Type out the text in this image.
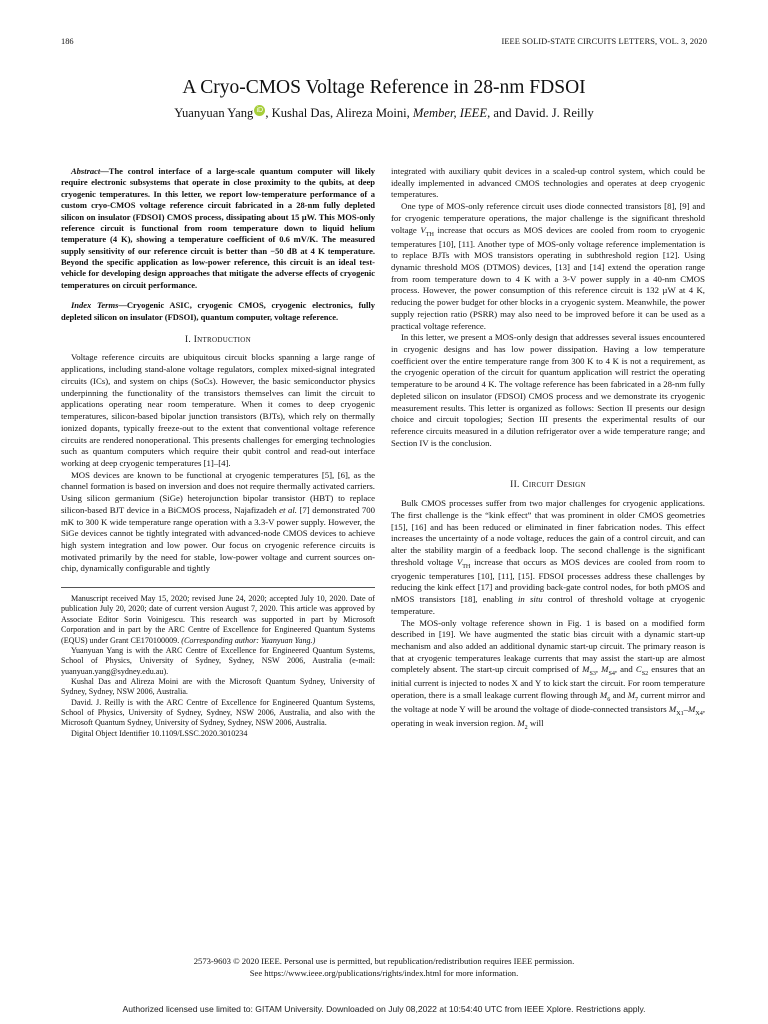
186	IEEE SOLID-STATE CIRCUITS LETTERS, VOL. 3, 2020
A Cryo-CMOS Voltage Reference in 28-nm FDSOI
Yuanyuan Yang iD , Kushal Das, Alireza Moini, Member, IEEE, and David. J. Reilly

Abstract—The control interface of a large-scale quantum computer will likely require electronic subsystems that operate in close proximity to the qubits, at deep cryogenic temperatures. In this letter, we report low-temperature performance of a custom cryo-CMOS voltage reference circuit fabricated in a 28-nm fully depleted silicon on insulator (FDSOI) CMOS process, dissipating about 15 µW. This MOS-only reference circuit is functional from room temperature down to liquid helium temperature (4 K), showing a temperature coefficient of 0.6 mV/K. The measured supply sensitivity of our reference circuit is better than −50 dB at 4 K temperature. Beyond the specific application as low-power reference, this circuit is an ideal test-vehicle for developing design approaches that mitigate the adverse effects of cryogenic temperatures on circuit performance.

Index Terms—Cryogenic ASIC, cryogenic CMOS, cryogenic electronics, fully depleted silicon on insulator (FDSOI), quantum computer, voltage reference.

I. Introduction

Voltage reference circuits are ubiquitous circuit blocks spanning a large range of applications, including stand-alone voltage regulators, complex mixed-signal integrated circuits (ICs), and system on chips (SoCs). However, the basic semiconductor physics underpinning the functionality of the transistors themselves can limit the circuit to applications operating near room temperature. When it comes to deep cryogenic temperatures, silicon-based bipolar junction transistors (BJTs), which rely on thermally ionized dopants, typically freeze-out to the extent that conventional voltage reference circuits are rendered nonoperational. This presents challenges for emerging technologies such as quantum computers which require their qubit control and read-out interface working at deep cryogenic temperatures [1]–[4].

MOS devices are known to be functional at cryogenic temperatures [5], [6], as the channel formation is based on inversion and does not require thermally activated carriers. Using silicon germanium (SiGe) heterojunction bipolar transistor (HBT) to replace silicon-based BJT device in a BiCMOS process, Najafizadeh et al. [7] demonstrated 700 mK to 300 K wide temperature range operation with a 3.3-V power supply. However, the SiGe devices cannot be tightly integrated with advanced-node CMOS devices to achieve high system integration and low power. Our focus on cryogenic reference circuits is motivated primarily by the need for stable, low-power voltage and current sources on-chip, dynamically configurable and tightly

Manuscript received May 15, 2020; revised June 24, 2020; accepted July 10, 2020. Date of publication July 20, 2020; date of current version August 7, 2020. This article was approved by Associate Editor Sorin Voinigescu. This research was supported in part by Microsoft Corporation and in part by the ARC Centre of Excellence for Engineered Quantum Systems (EQUS) under Grant CE170100009. (Corresponding author: Yuanyuan Yang.)

Yuanyuan Yang is with the ARC Centre of Excellence for Engineered Quantum Systems, School of Physics, University of Sydney, Sydney, NSW 2006, Australia (e-mail: yuanyuan.yang@sydney.edu.au).

Kushal Das and Alireza Moini are with the Microsoft Quantum Sydney, University of Sydney, Sydney, NSW 2006, Australia.

David. J. Reilly is with the ARC Centre of Excellence for Engineered Quantum Systems, School of Physics, University of Sydney, Sydney, NSW 2006, Australia, and also with the Microsoft Quantum Sydney, University of Sydney, Sydney, NSW 2006, Australia.

Digital Object Identifier 10.1109/LSSC.2020.3010234

integrated with auxiliary qubit devices in a scaled-up control system, which could be ideally implemented in advanced CMOS technologies and operates at deep cryogenic temperatures.

One type of MOS-only reference circuit uses diode connected transistors [8], [9] and for cryogenic temperature operations, the major challenge is the significant threshold voltage $V_{TH}$ increase that occurs as MOS devices are cooled from room to cryogenic temperatures [10], [11]. Another type of MOS-only voltage reference implementation is to replace BJTs with MOS transistors operating in subthreshold region [12]. Using dynamic threshold MOS (DTMOS) devices, [13] and [14] extend the operation range from room temperature down to 4 K with a 3-V power supply in a 40-nm CMOS process. However, the power consumption of this reference circuit is 132 µW at 4 K, reducing the power budget for other blocks in a cryogenic system. Meanwhile, the power supply rejection ratio (PSRR) may also need to be improved before it can be used as a practical voltage reference.

In this letter, we present a MOS-only design that addresses several issues encountered in cryogenic designs and has low power dissipation. Having a low temperature coefficient over the entire temperature range from 300 K to 4 K is not a requirement, as the cryogenic operation of the circuit for quantum application will restrict the operating temperature to be around 4 K. The voltage reference has been fabricated in a 28-nm fully depleted silicon on insulator (FDSOI) CMOS process and we demonstrate its cryogenic measurement results. This letter is organized as follows: Section II presents our design choice and circuit topologies; Section III presents the experimental results of our reference circuits measured in a dilution refrigerator over a wide temperature range; and Section IV is the conclusion.

II. Circuit Design

Bulk CMOS processes suffer from two major challenges for cryogenic applications. The first challenge is the “kink effect” that was prominent in older CMOS geometries [15], [16] and has been reduced or eliminated in finer fabrication nodes. This effect increases the uncertainty of a node voltage, reduces the gain of a control circuit, and can alter the stability margin of a feedback loop. The second challenge is the significant threshold voltage $V_{TH}$ increase that occurs as MOS devices are cooled from room to cryogenic temperatures [10], [11], [15]. FDSOI processes address these challenges by reducing the kink effect [17] and providing back-gate control nodes, for both pMOS and nMOS transistors [18], enabling in situ control of threshold voltage at cryogenic temperature.

The MOS-only voltage reference shown in Fig. 1 is based on a modified form described in [19]. We have augmented the static bias circuit with a dynamic start-up mechanism and also added an additional dynamic start-up circuit. The primary reason is that at cryogenic temperatures leakage currents that may assist the start-up are almost completely absent. The start-up circuit comprised of $M_{S3}$, $M_{S4}$, and $C_{S2}$ ensures that an initial current is injected to nodes X and Y to kick start the circuit. For room temperature operation, there is a small leakage current flowing through $M_6$ and $M_7$ current mirror and the voltage at node Y will be around the voltage of diode-connected transistors $M_{X1}-M_{X4}$, operating in weak inversion region. $M_2$ will

2573-9603 © 2020 IEEE. Personal use is permitted, but republication/redistribution requires IEEE permission.
See https://www.ieee.org/publications/rights/index.html for more information.
Authorized licensed use limited to: GITAM University. Downloaded on July 08,2022 at 10:54:40 UTC from IEEE Xplore. Restrictions apply.
